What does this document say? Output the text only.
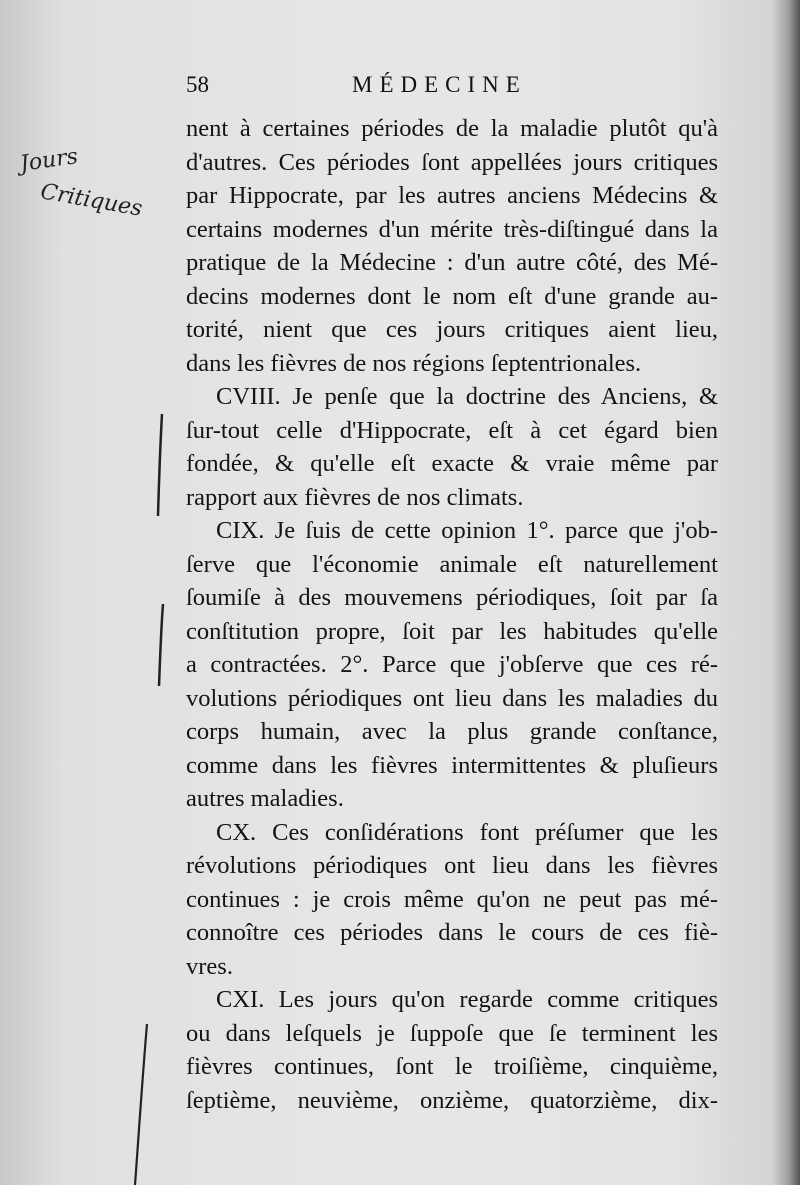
58	MÉDECINE
Jours
Critiques
nent à certaines périodes de la maladie plutôt qu'à
d'autres. Ces périodes ſont appellées jours critiques
par Hippocrate, par les autres anciens Médecins &
certains modernes d'un mérite très-diſtingué dans la
pratique de la Médecine : d'un autre côté, des Mé-
decins modernes dont le nom eſt d'une grande au-
torité, nient que ces jours critiques aient lieu,
dans les fièvres de nos régions ſeptentrionales.
CVIII. Je penſe que la doctrine des Anciens, &
ſur-tout celle d'Hippocrate, eſt à cet égard bien
fondée, & qu'elle eſt exacte & vraie même par
rapport aux fièvres de nos climats.
CIX. Je ſuis de cette opinion 1°. parce que j'ob-
ſerve que l'économie animale eſt naturellement
ſoumiſe à des mouvemens périodiques, ſoit par ſa
conſtitution propre, ſoit par les habitudes qu'elle
a contractées. 2°. Parce que j'obſerve que ces ré-
volutions périodiques ont lieu dans les maladies du
corps humain, avec la plus grande conſtance,
comme dans les fièvres intermittentes & pluſieurs
autres maladies.
CX. Ces conſidérations font préſumer que les
révolutions périodiques ont lieu dans les fièvres
continues : je crois même qu'on ne peut pas mé-
connoître ces périodes dans le cours de ces fiè-
vres.
CXI. Les jours qu'on regarde comme critiques
ou dans leſquels je ſuppoſe que ſe terminent les
fièvres continues, ſont le troiſième, cinquième,
ſeptième, neuvième, onzième, quatorzième, dix-
